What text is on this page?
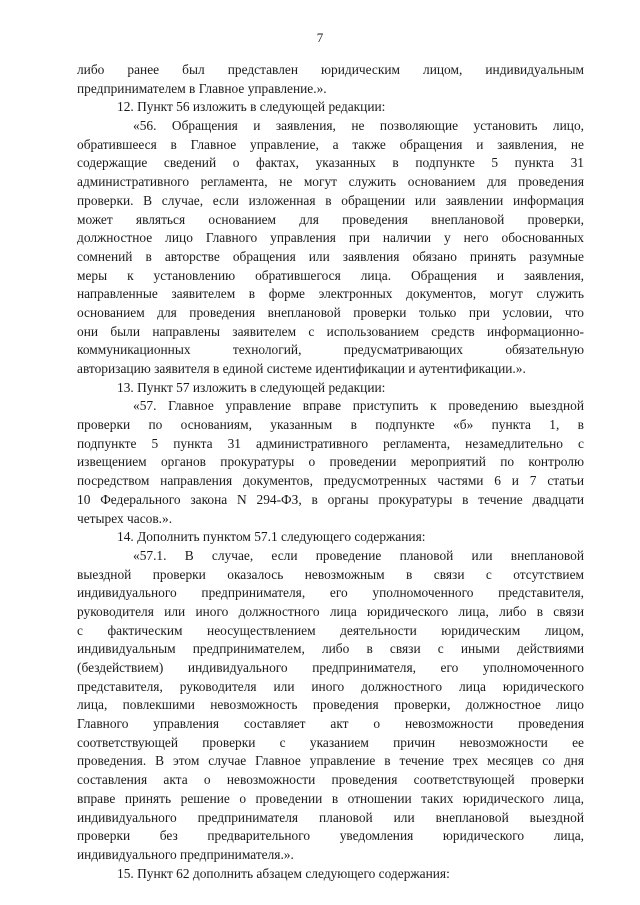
7
либо ранее был представлен юридическим лицом, индивидуальным
предпринимателем в Главное управление.».
12. Пункт 56 изложить в следующей редакции:
«56. Обращения и заявления, не позволяющие установить лицо,
обратившееся в Главное управление, а также обращения и заявления, не
содержащие сведений о фактах, указанных в подпункте 5 пункта 31
административного регламента, не могут служить основанием для проведения
проверки. В случае, если изложенная в обращении или заявлении информация
может являться основанием для проведения внеплановой проверки,
должностное лицо Главного управления при наличии у него обоснованных
сомнений в авторстве обращения или заявления обязано принять разумные
меры к установлению обратившегося лица. Обращения и заявления,
направленные заявителем в форме электронных документов, могут служить
основанием для проведения внеплановой проверки только при условии, что
они были направлены заявителем с использованием средств информационно-
коммуникационных технологий, предусматривающих обязательную
авторизацию заявителя в единой системе идентификации и аутентификации.».
13. Пункт 57 изложить в следующей редакции:
«57. Главное управление вправе приступить к проведению выездной
проверки по основаниям, указанным в подпункте «б» пункта 1, в
подпункте 5 пункта 31 административного регламента, незамедлительно с
извещением органов прокуратуры о проведении мероприятий по контролю
посредством направления документов, предусмотренных частями 6 и 7 статьи
10 Федерального закона N 294-ФЗ, в органы прокуратуры в течение двадцати
четырех часов.».
14. Дополнить пунктом 57.1 следующего содержания:
«57.1. В случае, если проведение плановой или внеплановой
выездной проверки оказалось невозможным в связи с отсутствием
индивидуального предпринимателя, его уполномоченного представителя,
руководителя или иного должностного лица юридического лица, либо в связи
с фактическим неосуществлением деятельности юридическим лицом,
индивидуальным предпринимателем, либо в связи с иными действиями
(бездействием) индивидуального предпринимателя, его уполномоченного
представителя, руководителя или иного должностного лица юридического
лица, повлекшими невозможность проведения проверки, должностное лицо
Главного управления составляет акт о невозможности проведения
соответствующей проверки с указанием причин невозможности ее
проведения. В этом случае Главное управление в течение трех месяцев со дня
составления акта о невозможности проведения соответствующей проверки
вправе принять решение о проведении в отношении таких юридического лица,
индивидуального предпринимателя плановой или внеплановой выездной
проверки без предварительного уведомления юридического лица,
индивидуального предпринимателя.».
15. Пункт 62 дополнить абзацем следующего содержания:
